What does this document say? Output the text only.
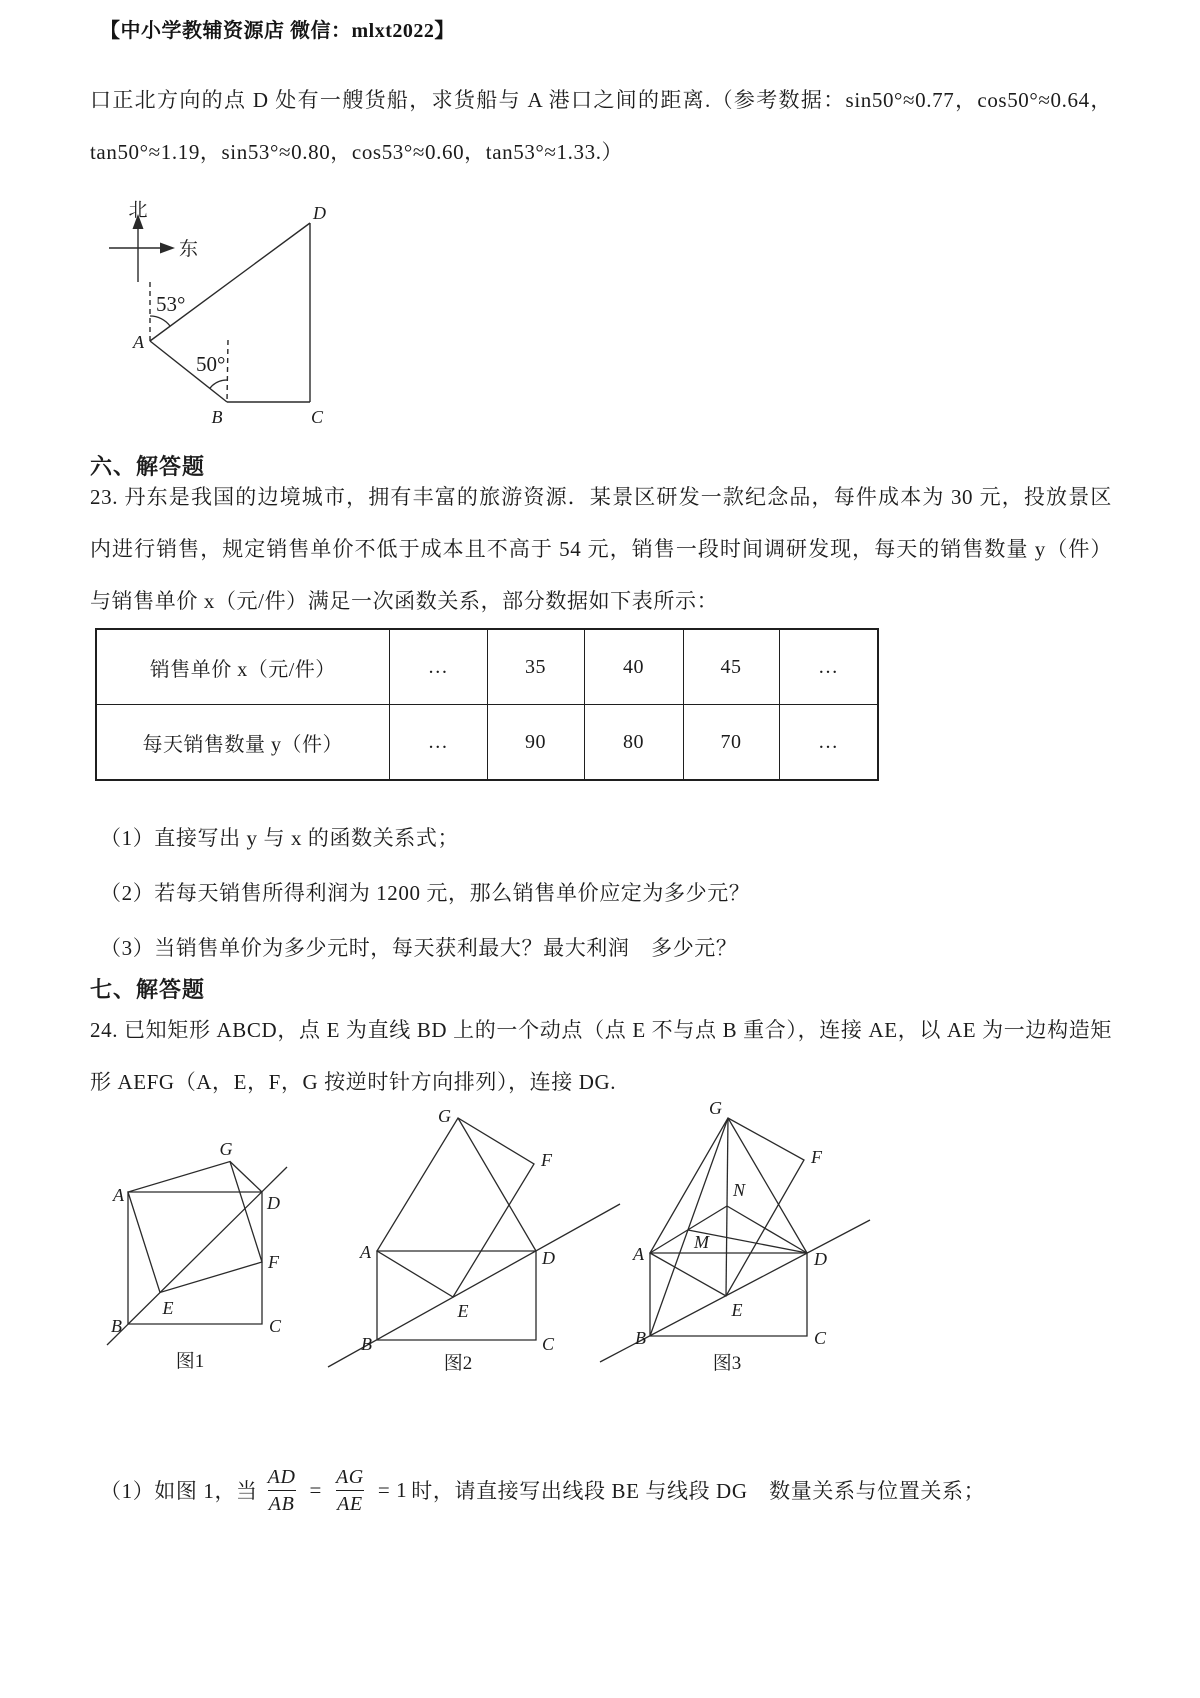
【中小学教辅资源店 微信：mlxt2022】
口正北方向的点 D 处有一艘货船，求货船与 A 港口之间的距离.（参考数据：sin50°≈0.77，cos50°≈0.64，
tan50°≈1.19，sin53°≈0.80，cos53°≈0.60，tan53°≈1.33.）
北
东
53°
50°
A
B	C
D
六、解答题
23. 丹东是我国的边境城市，拥有丰富的旅游资源．某景区研发一款纪念品，每件成本为 30 元，投放景区
内进行销售，规定销售单价不低于成本且不高于 54 元，销售一段时间调研发现，每天的销售数量 y（件）
与销售单价 x（元/件）满足一次函数关系，部分数据如下表所示：
销售单价 x（元/件）	…	35	40	45	…
每天销售数量 y（件）	…	90	80	70	…
（1）直接写出 y 与 x 的函数关系式；
（2）若每天销售所得利润为 1200 元，那么销售单价应定为多少元？
（3）当销售单价为多少元时，每天获利最大？最大利润　多少元？
七、解答题
24. 已知矩形 ABCD，点 E 为直线 BD 上的一个动点（点 E 不与点 B 重合），连接 AE，以 AE 为一边构造矩
形 AEFG（A，E，F，G 按逆时针方向排列），连接 DG.
A
B	C
D
E
F
G
图1
A
B	C
D
E
F
G
图2
A
B	C
D
E
F
G
M
N
图3
（1）如图 1，当 $\frac{AD}{AB} = \frac{AG}{AE} = 1$ 时，请直接写出线段 BE 与线段 DG　数量关系与位置关系；
